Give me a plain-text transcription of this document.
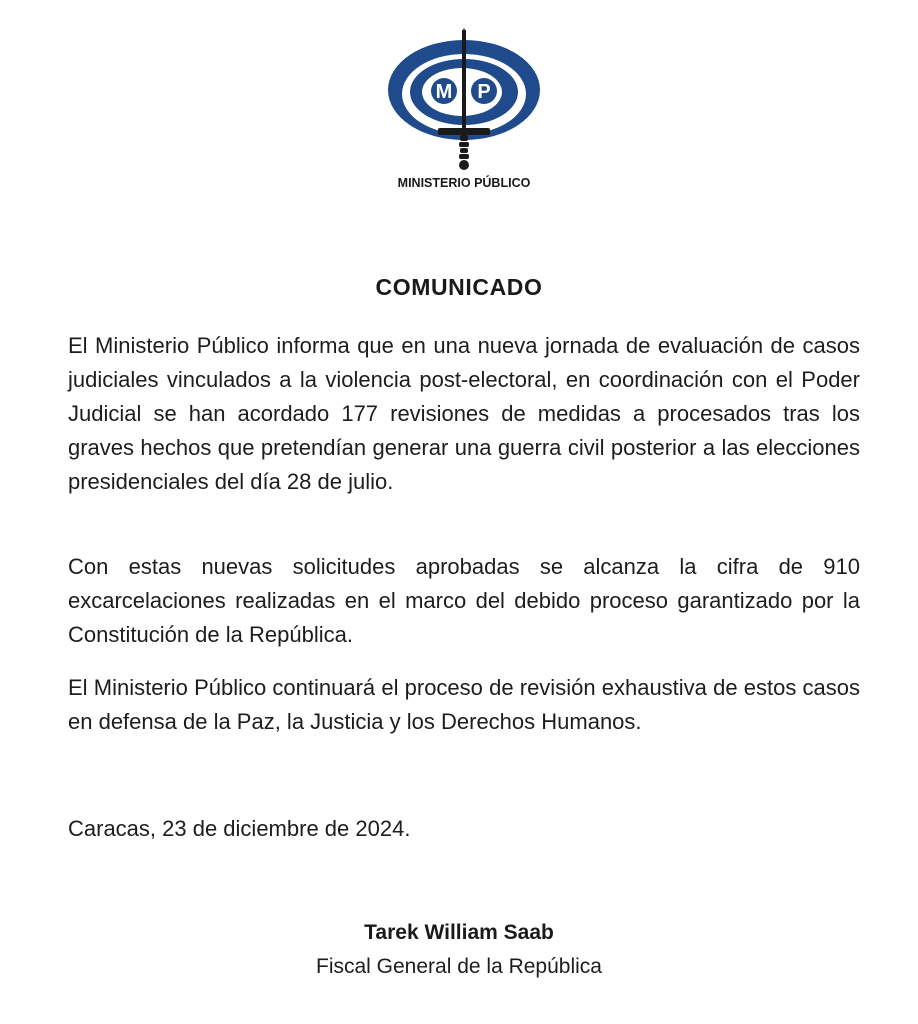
M P
MINISTERIO PÚBLICO
COMUNICADO

El Ministerio Público informa que en una nueva jornada de evaluación de casos judiciales vinculados a la violencia post-electoral, en coordinación con el Poder Judicial se han acordado 177 revisiones de medidas a procesados tras los graves hechos que pretendían generar una guerra civil posterior a las elecciones presidenciales del día 28 de julio.

Con estas nuevas solicitudes aprobadas se alcanza la cifra de 910 excarcelaciones realizadas en el marco del debido proceso garantizado por la Constitución de la República.

El Ministerio Público continuará el proceso de revisión exhaustiva de estos casos en defensa de la Paz, la Justicia y los Derechos Humanos.

Caracas, 23 de diciembre de 2024.
Tarek William Saab
Fiscal General de la República
